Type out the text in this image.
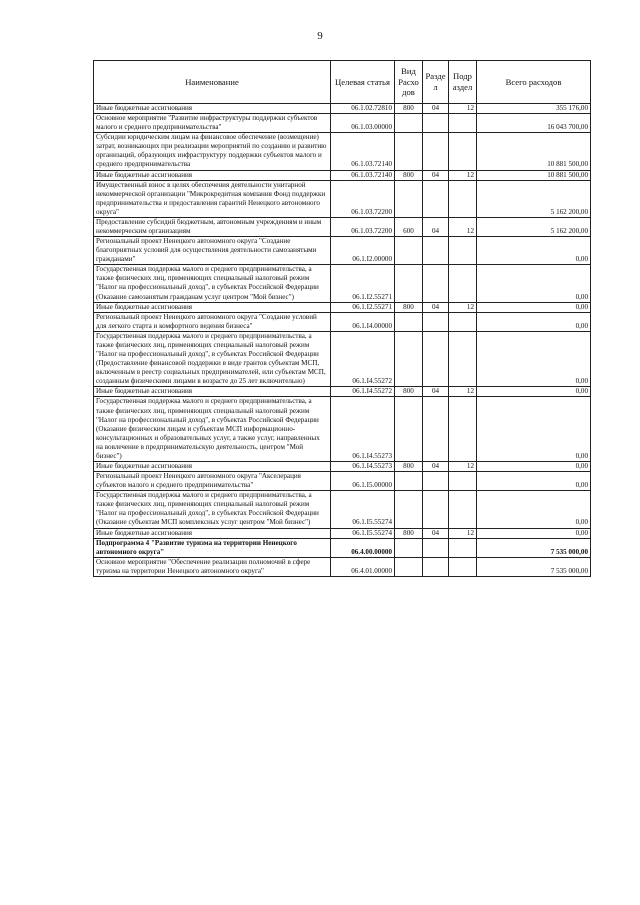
9
Наименование	Целевая статья	Вид Расхо дов	Разде л	Подр аздел	Всего расходов
Иные бюджетные ассигнования	06.1.02.72810	800	04	12	355 176,00
Основное мероприятие "Развитие инфраструктуры поддержки субъектов малого и среднего предпринимательства"	06.1.03.00000				16 043 700,00
Субсидии юридическим лицам на финансовое обеспечение (возмещение) затрат, возникающих при реализации мероприятий по созданию и развитию организаций, образующих инфраструктуру поддержки субъектов малого и среднего предпринимательства	06.1.03.72140				10 881 500,00
Иные бюджетные ассигнования	06.1.03.72140	800	04	12	10 881 500,00
Имущественный взнос в целях обеспечения деятельности унитарной некоммерческой организации "Микрокредитная компания Фонд поддержки предпринимательства и предоставления гарантий Ненецкого автономного округа"	06.1.03.72200				5 162 200,00
Предоставление субсидий бюджетным, автономным учреждениям и иным некоммерческим организациям	06.1.03.72200	600	04	12	5 162 200,00
Региональный проект Ненецкого автономного округа "Создание благоприятных условий для осуществления деятельности самозанятыми гражданами"	06.1.I2.00000				0,00
Государственная поддержка малого и среднего предпринимательства, а также физических лиц, применяющих специальный налоговый режим "Налог на профессиональный доход", в субъектах Российской Федерации (Оказание самозанятым гражданам услуг центром "Мой бизнес")	06.1.I2.55271				0,00
Иные бюджетные ассигнования	06.1.I2.55271	800	04	12	0,00
Региональный проект Ненецкого автономного округа "Создание условий для легкого старта и комфортного ведения бизнеса"	06.1.I4.00000				0,00
Государственная поддержка малого и среднего предпринимательства, а также физических лиц, применяющих специальный налоговый режим "Налог на профессиональный доход", в субъектах Российской Федерации (Предоставление финансовой поддержки в виде грантов субъектам МСП, включенным в реестр социальных предпринимателей, или субъектам МСП, созданным физическими лицами в возрасте до 25 лет включительно)	06.1.I4.55272				0,00
Иные бюджетные ассигнования	06.1.I4.55272	800	04	12	0,00
Государственная поддержка малого и среднего предпринимательства, а также физических лиц, применяющих специальный налоговый режим "Налог на профессиональный доход", в субъектах Российской Федерации (Оказание физическим лицам и субъектам МСП информационно-консультационных и образовательных услуг, а также услуг, направленных на вовлечение в предпринимательскую деятельность, центром "Мой бизнес")	06.1.I4.55273				0,00
Иные бюджетные ассигнования	06.1.I4.55273	800	04	12	0,00
Региональный проект Ненецкого автономного округа "Акселерация субъектов малого и среднего предпринимательства"	06.1.I5.00000				0,00
Государственная поддержка малого и среднего предпринимательства, а также физических лиц, применяющих специальный налоговый режим "Налог на профессиональный доход", в субъектах Российской Федерации (Оказание субъектам МСП комплексных услуг центром "Мой бизнес")	06.1.I5.55274				0,00
Иные бюджетные ассигнования	06.1.I5.55274	800	04	12	0,00
Подпрограмма 4 "Развитие туризма на территории Ненецкого автономного округа"	06.4.00.00000				7 535 000,00
Основное мероприятие "Обеспечение реализации полномочий в сфере туризма на территории Ненецкого автономного округа"	06.4.01.00000				7 535 000,00
